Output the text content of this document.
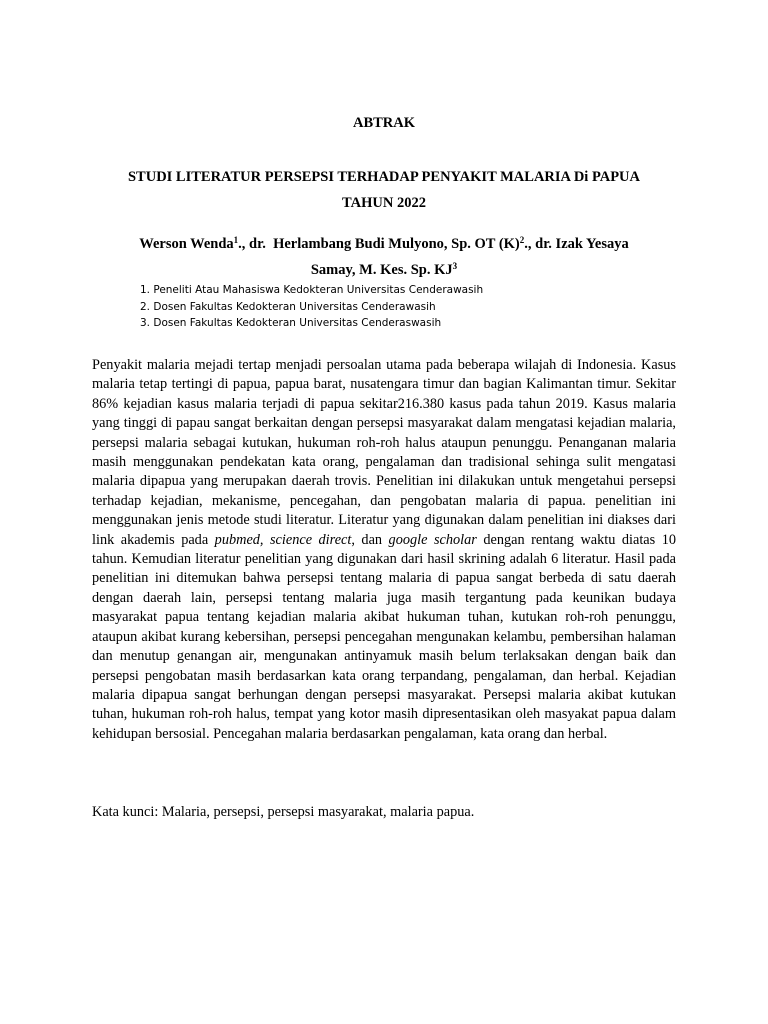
ABTRAK
STUDI LITERATUR PERSEPSI TERHADAP PENYAKIT MALARIA Di PAPUA
TAHUN 2022
Werson Wenda$^1$., dr.  Herlambang Budi Mulyono, Sp. OT $(K)^2$., dr. Izak Yesaya
Samay, M. Kes. Sp. $KJ^3$
1. Peneliti Atau Mahasiswa Kedokteran Universitas Cenderawasih
2. Dosen Fakultas Kedokteran Universitas Cenderawasih
3. Dosen Fakultas Kedokteran Universitas Cenderaswasih

Penyakit malaria mejadi tertap menjadi persoalan utama pada beberapa wilajah di Indonesia. Kasus malaria tetap tertingi di papua, papua barat, nusatengara timur dan bagian Kalimantan timur. Sekitar 86% kejadian kasus malaria terjadi di papua sekitar216.380 kasus pada tahun 2019. Kasus malaria yang tinggi di papau sangat berkaitan dengan persepsi masyarakat dalam mengatasi kejadian malaria, persepsi malaria sebagai kutukan, hukuman roh-roh halus ataupun penunggu. Penanganan malaria masih menggunakan pendekatan kata orang, pengalaman dan tradisional sehinga sulit mengatasi malaria dipapua yang merupakan daerah trovis. Penelitian ini dilakukan untuk mengetahui persepsi terhadap kejadian, mekanisme, pencegahan, dan pengobatan malaria di papua. penelitian ini menggunakan jenis metode studi literatur. Literatur yang digunakan dalam penelitian ini diakses dari link akademis pada pubmed, science direct, dan google scholar dengan rentang waktu diatas 10 tahun. Kemudian literatur penelitian yang digunakan dari hasil skrining adalah 6 literatur. Hasil pada penelitian ini ditemukan bahwa persepsi tentang malaria di papua sangat berbeda di satu daerah dengan daerah lain, persepsi tentang malaria juga masih tergantung pada keunikan budaya masyarakat papua tentang kejadian malaria akibat hukuman tuhan, kutukan roh-roh penunggu, ataupun akibat kurang kebersihan, persepsi pencegahan mengunakan kelambu, pembersihan halaman dan menutup genangan air, mengunakan antinyamuk masih belum terlaksakan dengan baik dan persepsi pengobatan masih berdasarkan kata orang terpandang, pengalaman, dan herbal. Kejadian malaria dipapua sangat berhungan dengan persepsi masyarakat. Persepsi malaria akibat kutukan tuhan, hukuman roh-roh halus, tempat yang kotor masih dipresentasikan oleh masyakat papua dalam kehidupan bersosial. Pencegahan malaria berdasarkan pengalaman, kata orang dan herbal.

Kata kunci: Malaria, persepsi, persepsi masyarakat, malaria papua.
